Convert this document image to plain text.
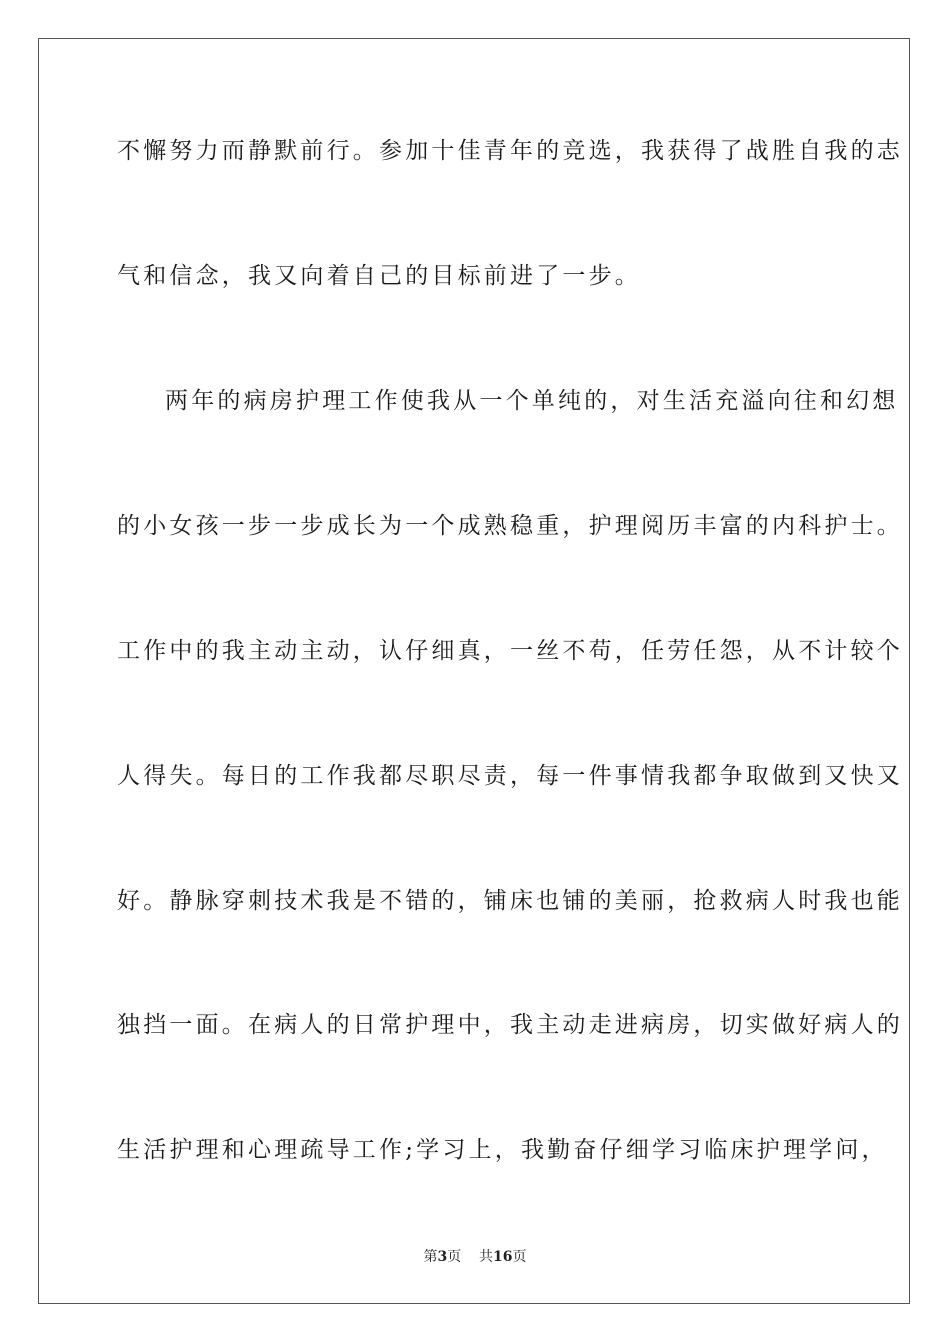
不懈努力而静默前行。参加十佳青年的竞选，我获得了战胜自我的志
气和信念，我又向着自己的目标前进了一步。
两年的病房护理工作使我从一个单纯的，对生活充溢向往和幻想
的小女孩一步一步成长为一个成熟稳重，护理阅历丰富的内科护士。
工作中的我主动主动，认仔细真，一丝不苟，任劳任怨，从不计较个
人得失。每日的工作我都尽职尽责，每一件事情我都争取做到又快又
好。静脉穿刺技术我是不错的，铺床也铺的美丽，抢救病人时我也能
独挡一面。在病人的日常护理中，我主动走进病房，切实做好病人的
生活护理和心理疏导工作;学习上，我勤奋仔细学习临床护理学问，
第3页 共16页
